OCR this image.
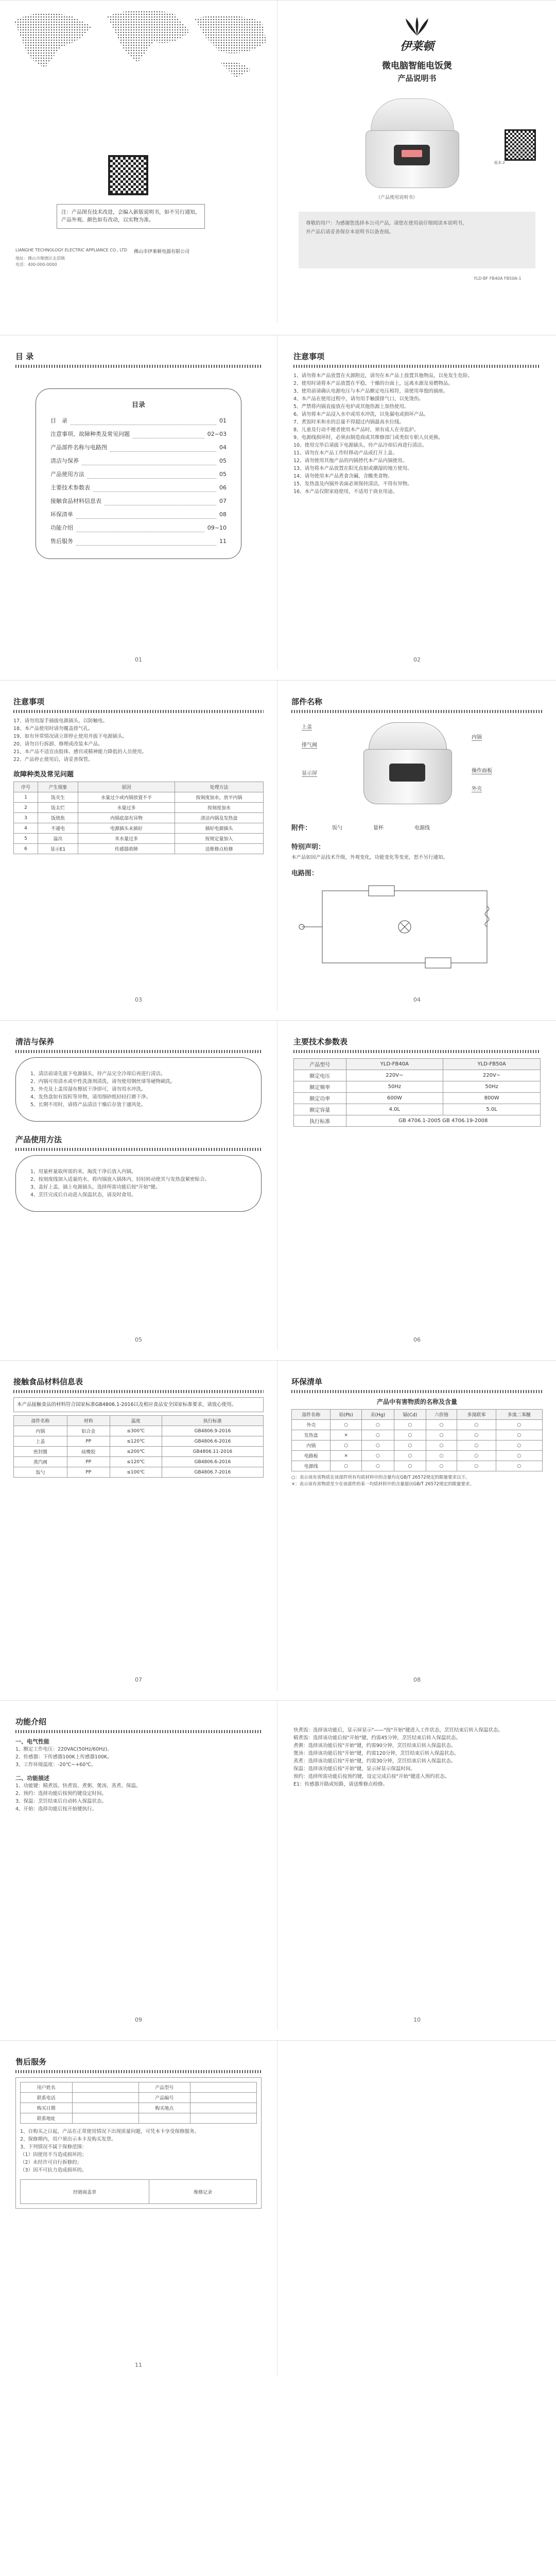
注：产品图有技术改进，会编入新版说明书，如不另行通知，产品外观、颜色如有改动，以实物为准。
LIANGHE TECHNOLOGY ELECTRIC APPLIANCE CO., LTD
地址：佛山市顺德区北滘镇
电话：400-000-0000
佛山市伊莱顿电器有限公司
伊莱顿
微电脑智能电饭煲
产品说明书
版本:2
（产品使用说明书）
尊敬的用户：为感谢您选择本公司产品，请您在使用前仔细阅读本说明书，
并产品后请妥善保存本说明书以备查阅。
YLD-BF FB40A FB50A-1
目 录
目录
目　录	01
注意事项、故障种类及常见问题	02~03
产品部件名称与电路图	04
清洁与保养	05
产品使用方法	05
主要技术参数表	06
接触食品材料信息表	07
环保清单	08
功能介绍	09~10
售后服务	11
01
注意事项
1、请勿将本产品放置在火源附近，请勿在本产品上放置其他物品，以免发生危险。
2、使用时请将本产品放置在平稳、干燥的台面上，远离水源及易燃物品。
3、使用前请确认电源电压与本产品额定电压相符，请使用单独的插座。
4、本产品在使用过程中，请勿用手触摸排气口，以免烫伤。
5、严禁将内锅直接放在电炉或其他热源上加热使用。
6、请勿将本产品浸入水中或用水冲洗，以免漏电或损坏产品。
7、煮饭时米和水的总量不得超过内锅最高水位线。
8、儿童及行动不便者使用本产品时，须有成人在旁监护。
9、电源线损坏时，必须由制造商或其维修部门或类似专职人员更换。
10、使用完毕后请拔下电源插头，待产品冷却后再进行清洁。
11、请勿在本产品工作时移动产品或打开上盖。
12、请勿使用其他产品的内锅替代本产品内锅使用。
13、请勿将本产品放置在阳光直射或潮湿的地方使用。
14、请勿使用本产品煮食含碱、含酸类食物。
15、发热盘及内锅外表面必须保持清洁，不得有异物。
16、本产品仅限家庭使用，不适用于商业用途。
02
注意事项
17、请勿用湿手插拔电源插头，以防触电。
18、本产品使用时请勿覆盖排气孔。
19、如有异常情况请立即停止使用并拔下电源插头。
20、请勿自行拆卸、修理或改装本产品。
21、本产品不适宜由肢体、感官或精神能力降低的人员使用。
22、产品停止使用后，请妥善保管。
故障种类及常见问题
序号	产生现象	原因	处理方法
1	饭夹生	水量过少或内锅放置不平	按刻度加水，放平内锅
2	饭太烂	水量过多	按刻度加水
3	饭烧焦	内锅底部有异物	清洁内锅及发热盘
4	不通电	电源插头未插好	插好电源插头
5	溢出	米水量过多	按规定量加入
6	显示E1	传感器故障	送维修点检修
03
部件名称
上盖
排气阀
显示屏	操作面板
外壳
内锅
附件：	饭勺	量杯	电源线
特别声明：
本产品如因产品技术升级，外观变化，功能变化等变更，恕不另行通知。
电路图：
04
清洁与保养
1、清洁前请先拔下电源插头，待产品完全冷却后再进行清洁。
2、内锅可用清水或中性洗涤剂清洗，请勿使用钢丝球等硬物刷洗。
3、外壳及上盖用湿布擦拭干净即可，请勿用水冲洗。
4、发热盘如有饭粒等异物，请用细砂纸轻轻打磨干净。
5、长期不用时，请将产品清洁干燥后存放于通风处。
产品使用方法
1、用量杯量取所需的米，淘洗干净后放入内锅。
2、按刻度线加入适量的水，将内锅放入锅体内，轻轻转动使其与发热盘紧密贴合。
3、盖好上盖，插上电源插头，选择所需功能后按"开始"键。
4、烹饪完成后自动进入保温状态，请及时食用。
05
主要技术参数表
产品型号	YLD-FB40A	YLD-FB50A
额定电压	220V~	220V~
额定频率	50Hz	50Hz
额定功率	600W	800W
额定容量	4.0L	5.0L
执行标准	GB 4706.1-2005 GB 4706.19-2008	
06
接触食品材料信息表
本产品接触食品的材料符合国家标准GB4806.1-2016以及相应食品安全国家标准要求，请放心使用。
部件名称	材料	温度	执行标准
内锅	铝合金	≤300℃	GB4806.9-2016
上盖	PP	≤120℃	GB4806.6-2016
密封圈	硅橡胶	≤200℃	GB4806.11-2016
蒸汽阀	PP	≤120℃	GB4806.6-2016
饭勺	PP	≤100℃	GB4806.7-2016
07
环保清单
产品中有害物质的名称及含量
部件名称	铅(Pb)	汞(Hg)	镉(Cd)	六价铬	多溴联苯	多溴二苯醚
外壳	○	○	○	○	○	○
发热盘	×	○	○	○	○	○
内锅	○	○	○	○	○	○
电路板	×	○	○	○	○	○
电源线	○	○	○	○	○	○
○：表示该有害物质在该部件所有均质材料中的含量均在GB/T 26572规定的限量要求以下。
×：表示该有害物质至少在该部件的某一均质材料中的含量超出GB/T 26572规定的限量要求。
08
功能介绍
一、电气性能
1、额定工作电压：220VAC(50Hz/60Hz)。
2、传感器：下传感器100K上传感器100K。
3、工作环境温度：-20℃~+60℃。
二、功能描述
1、功能键：精煮饭、快煮饭、煮粥、煲汤、蒸煮、保温。
2、预约：选择功能后按预约键设定时间。
3、保温：烹饪结束后自动转入保温状态。
4、开始：选择功能后按开始键执行。
09
快煮饭：选择该功能后，显示屏显示"——"按"开始"键进入工作状态，烹饪结束后转入保温状态。
精煮饭：选择该功能后按"开始"键，约需45分钟，烹饪结束后转入保温状态。
煮粥：选择该功能后按"开始"键，约需90分钟，烹饪结束后转入保温状态。
煲汤：选择该功能后按"开始"键，约需120分钟，烹饪结束后转入保温状态。
蒸煮：选择该功能后按"开始"键，约需30分钟，烹饪结束后转入保温状态。
保温：选择该功能后按"开始"键，显示屏显示保温时间。
预约：选择所需功能后按预约键，设定完成后按"开始"键进入预约状态。
E1：传感器开路或短路，请送维修点检修。
10
售后服务
用户姓名		产品型号	
联系电话		产品编号	
购买日期		购买地点	
联系地址			
1、自购买之日起，产品在正常使用情况下出现质量问题，可凭本卡享受保修服务。
2、保修期内，用户须出示本卡及购买发票。
3、下列情况不属于保修范围：
（1）因使用不当造成损坏的；
（2）未经许可自行拆修的；
（3）因不可抗力造成损坏的。
经销商盖章	维修记录
11
